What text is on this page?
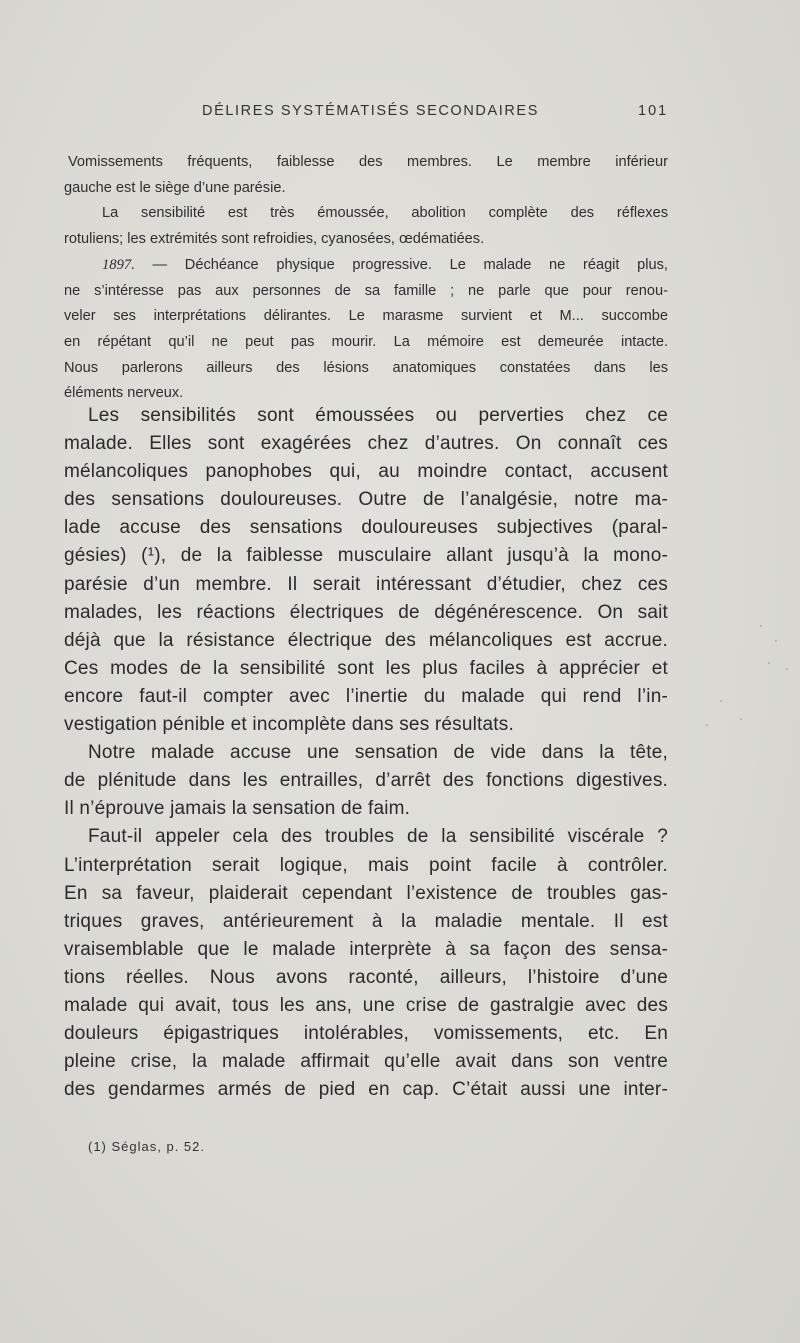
DÉLIRES SYSTÉMATISÉS SECONDAIRES	101
Vomissements fréquents, faiblesse des membres. Le membre inférieur
gauche est le siège d’une parésie.
La sensibilité est très émoussée, abolition complète des réflexes
rotuliens; les extrémités sont refroidies, cyanosées, œdématiées.
1897. — Déchéance physique progressive. Le malade ne réagit plus,
ne s’intéresse pas aux personnes de sa famille ; ne parle que pour renou-
veler ses interprétations délirantes. Le marasme survient et M... succombe
en répétant qu’il ne peut pas mourir. La mémoire est demeurée intacte.
Nous parlerons ailleurs des lésions anatomiques constatées dans les
éléments nerveux.
Les sensibilités sont émoussées ou perverties chez ce
malade. Elles sont exagérées chez d’autres. On connaît ces
mélancoliques panophobes qui, au moindre contact, accusent
des sensations douloureuses. Outre de l’analgésie, notre ma-
lade accuse des sensations douloureuses subjectives (paral-
gésies) (¹), de la faiblesse musculaire allant jusqu’à la mono-
parésie d’un membre. Il serait intéressant d’étudier, chez ces
malades, les réactions électriques de dégénérescence. On sait
déjà que la résistance électrique des mélancoliques est accrue.
Ces modes de la sensibilité sont les plus faciles à apprécier et
encore faut-il compter avec l’inertie du malade qui rend l’in-
vestigation pénible et incomplète dans ses résultats.
Notre malade accuse une sensation de vide dans la tête,
de plénitude dans les entrailles, d’arrêt des fonctions digestives.
Il n’éprouve jamais la sensation de faim.
Faut-il appeler cela des troubles de la sensibilité viscérale ?
L’interprétation serait logique, mais point facile à contrôler.
En sa faveur, plaiderait cependant l’existence de troubles gas-
triques graves, antérieurement à la maladie mentale. Il est
vraisemblable que le malade interprète à sa façon des sensa-
tions réelles. Nous avons raconté, ailleurs, l’histoire d’une
malade qui avait, tous les ans, une crise de gastralgie avec des
douleurs épigastriques intolérables, vomissements, etc. En
pleine crise, la malade affirmait qu’elle avait dans son ventre
des gendarmes armés de pied en cap. C’était aussi une inter-
(1) Séglas, p. 52.
